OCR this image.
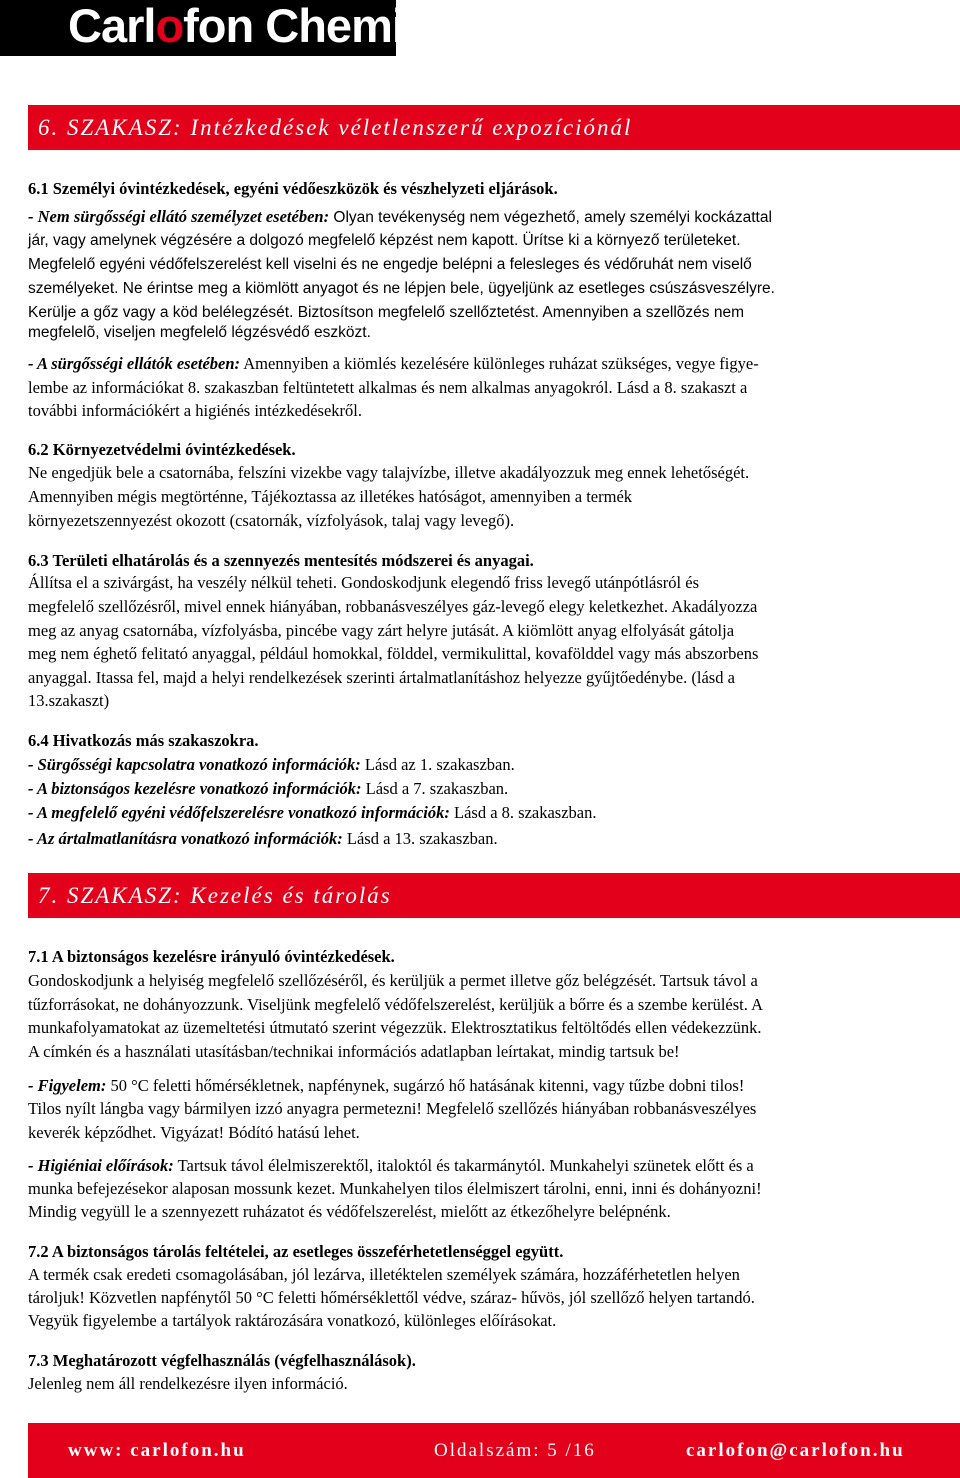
Carlofon Chemie
6. SZAKASZ: Intézkedések véletlenszerű expozíciónál
6.1 Személyi óvintézkedések, egyéni védőeszközök és vészhelyzeti eljárások.
- Nem sürgősségi ellátó személyzet esetében: Olyan tevékenység nem végezhető, amely személyi kockázattal
jár, vagy amelynek végzésére a dolgozó megfelelő képzést nem kapott. Ürítse ki a környező területeket.
Megfelelő egyéni védőfelszerelést kell viselni és ne engedje belépni a felesleges és védőruhát nem viselő
személyeket. Ne érintse meg a kiömlött anyagot és ne lépjen bele, ügyeljünk az esetleges csúszásveszélyre.
Kerülje a gőz vagy a köd belélegzését. Biztosítson megfelelő szellőztetést. Amennyiben a szellõzés nem
megfelelõ, viseljen megfelelő légzésvédő eszközt.
- A sürgősségi ellátók esetében: Amennyiben a kiömlés kezelésére különleges ruházat szükséges, vegye figye-
lembe az információkat 8. szakaszban feltüntetett alkalmas és nem alkalmas anyagokról. Lásd a 8. szakaszt a
további információkért a higiénés intézkedésekről.
6.2 Környezetvédelmi óvintézkedések.
Ne engedjük bele a csatornába, felszíni vizekbe vagy talajvízbe, illetve akadályozzuk meg ennek lehetőségét.
Amennyiben mégis megtörténne, Tájékoztassa az illetékes hatóságot, amennyiben a termék
környezetszennyezést okozott (csatornák, vízfolyások, talaj vagy levegő).
6.3 Területi elhatárolás és a szennyezés mentesítés módszerei és anyagai.
Állítsa el a szivárgást, ha veszély nélkül teheti. Gondoskodjunk elegendő friss levegő utánpótlásról és
megfelelő szellőzésről, mivel ennek hiányában, robbanásveszélyes gáz-levegő elegy keletkezhet. Akadályozza
meg az anyag csatornába, vízfolyásba, pincébe vagy zárt helyre jutását. A kiömlött anyag elfolyását gátolja
meg nem éghető felitató anyaggal, például homokkal, földdel, vermikulittal, kovafölddel vagy más abszorbens
anyaggal. Itassa fel, majd a helyi rendelkezések szerinti ártalmatlanításhoz helyezze gyűjtőedénybe. (lásd a
13.szakaszt)
6.4 Hivatkozás más szakaszokra.
- Sürgősségi kapcsolatra vonatkozó információk: Lásd az 1. szakaszban.
- A biztonságos kezelésre vonatkozó információk: Lásd a 7. szakaszban.
- A megfelelő egyéni védőfelszerelésre vonatkozó információk: Lásd a 8. szakaszban.
- Az ártalmatlanításra vonatkozó információk: Lásd a 13. szakaszban.
7. SZAKASZ: Kezelés és tárolás
7.1 A biztonságos kezelésre irányuló óvintézkedések.
Gondoskodjunk a helyiség megfelelő szellőzéséről, és kerüljük a permet illetve gőz belégzését. Tartsuk távol a
tűzforrásokat, ne dohányozzunk. Viseljünk megfelelő védőfelszerelést, kerüljük a bőrre és a szembe kerülést. A
munkafolyamatokat az üzemeltetési útmutató szerint végezzük. Elektrosztatikus feltöltődés ellen védekezzünk.
A címkén és a használati utasításban/technikai információs adatlapban leírtakat, mindig tartsuk be!
- Figyelem: 50 °C feletti hőmérsékletnek, napfénynek, sugárzó hő hatásának kitenni, vagy tűzbe dobni tilos!
Tilos nyílt lángba vagy bármilyen izzó anyagra permetezni! Megfelelő szellőzés hiányában robbanásveszélyes
keverék képződhet. Vigyázat! Bódító hatású lehet.
- Higiéniai előírások: Tartsuk távol élelmiszerektől, italoktól és takarmánytól. Munkahelyi szünetek előtt és a
munka befejezésekor alaposan mossunk kezet. Munkahelyen tilos élelmiszert tárolni, enni, inni és dohányozni!
Mindig vegyüll le a szennyezett ruházatot és védőfelszerelést, mielőtt az étkezőhelyre belépnénk.
7.2 A biztonságos tárolás feltételei, az esetleges összeférhetetlenséggel együtt.
A termék csak eredeti csomagolásában, jól lezárva, illetéktelen személyek számára, hozzáférhetetlen helyen
tároljuk! Közvetlen napfénytől 50 °C feletti hőmérséklettől védve, száraz- hűvös, jól szellőző helyen tartandó.
Vegyük figyelembe a tartályok raktározására vonatkozó, különleges előírásokat.
7.3 Meghatározott végfelhasználás (végfelhasználások).
Jelenleg nem áll rendelkezésre ilyen információ.
www: carlofon.hu	Oldalszám: 5 /16	carlofon@carlofon.hu
